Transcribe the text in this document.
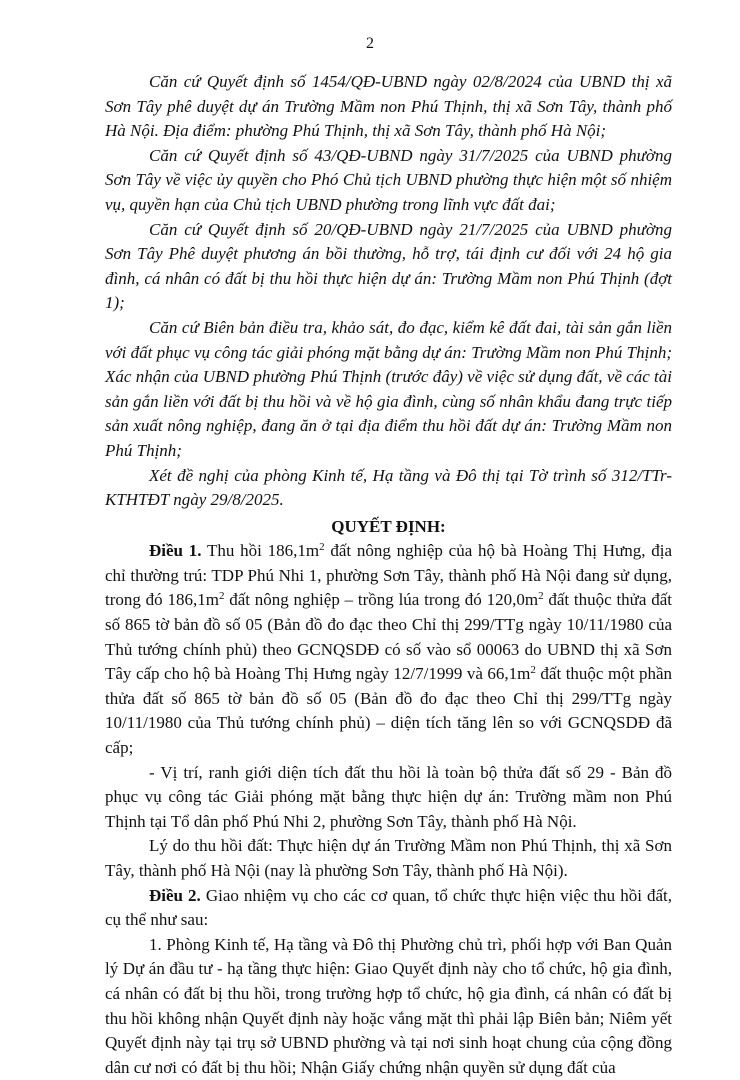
2

Căn cứ Quyết định số 1454/QĐ-UBND ngày 02/8/2024 của UBND thị xã Sơn Tây phê duyệt dự án Trường Mầm non Phú Thịnh, thị xã Sơn Tây, thành phố Hà Nội. Địa điểm: phường Phú Thịnh, thị xã Sơn Tây, thành phố Hà Nội;

Căn cứ Quyết định số 43/QĐ-UBND ngày 31/7/2025 của UBND phường Sơn Tây về việc ủy quyền cho Phó Chủ tịch UBND phường thực hiện một số nhiệm vụ, quyền hạn của Chủ tịch UBND phường trong lĩnh vực đất đai;

Căn cứ Quyết định số 20/QĐ-UBND ngày 21/7/2025 của UBND phường Sơn Tây Phê duyệt phương án bồi thường, hỗ trợ, tái định cư đối với 24 hộ gia đình, cá nhân có đất bị thu hồi thực hiện dự án: Trường Mầm non Phú Thịnh (đợt 1);

Căn cứ Biên bản điều tra, khảo sát, đo đạc, kiểm kê đất đai, tài sản gắn liền với đất phục vụ công tác giải phóng mặt bằng dự án: Trường Mầm non Phú Thịnh; Xác nhận của UBND phường Phú Thịnh (trước đây) về việc sử dụng đất, về các tài sản gắn liền với đất bị thu hồi và về hộ gia đình, cùng số nhân khẩu đang trực tiếp sản xuất nông nghiệp, đang ăn ở tại địa điểm thu hồi đất dự án: Trường Mầm non Phú Thịnh;

Xét đề nghị của phòng Kinh tế, Hạ tầng và Đô thị tại Tờ trình số 312/TTr-KTHTĐT ngày 29/8/2025.

QUYẾT ĐỊNH:

Điều 1. Thu hồi $186,1m^2$ đất nông nghiệp của hộ bà Hoàng Thị Hưng, địa chỉ thường trú: TDP Phú Nhi 1, phường Sơn Tây, thành phố Hà Nội đang sử dụng, trong đó $186,1m^2$ đất nông nghiệp – trồng lúa trong đó $120,0m^2$ đất thuộc thửa đất số 865 tờ bản đồ số 05 (Bản đồ đo đạc theo Chỉ thị 299/TTg ngày 10/11/1980 của Thủ tướng chính phủ) theo GCNQSDĐ có số vào sổ 00063 do UBND thị xã Sơn Tây cấp cho hộ bà Hoàng Thị Hưng ngày 12/7/1999 và $66,1m^2$ đất thuộc một phần thửa đất số 865 tờ bản đồ số 05 (Bản đồ đo đạc theo Chỉ thị 299/TTg ngày 10/11/1980 của Thủ tướng chính phủ) – diện tích tăng lên so với GCNQSDĐ đã cấp;

- Vị trí, ranh giới diện tích đất thu hồi là toàn bộ thửa đất số 29 - Bản đồ phục vụ công tác Giải phóng mặt bằng thực hiện dự án: Trường mầm non Phú Thịnh tại Tổ dân phố Phú Nhi 2, phường Sơn Tây, thành phố Hà Nội.

Lý do thu hồi đất: Thực hiện dự án Trường Mầm non Phú Thịnh, thị xã Sơn Tây, thành phố Hà Nội (nay là phường Sơn Tây, thành phố Hà Nội).

Điều 2. Giao nhiệm vụ cho các cơ quan, tổ chức thực hiện việc thu hồi đất, cụ thể như sau:

1. Phòng Kinh tế, Hạ tầng và Đô thị Phường chủ trì, phối hợp với Ban Quản lý Dự án đầu tư - hạ tầng thực hiện: Giao Quyết định này cho tổ chức, hộ gia đình, cá nhân có đất bị thu hồi, trong trường hợp tổ chức, hộ gia đình, cá nhân có đất bị thu hồi không nhận Quyết định này hoặc vắng mặt thì phải lập Biên bản; Niêm yết Quyết định này tại trụ sở UBND phường và tại nơi sinh hoạt chung của cộng đồng dân cư nơi có đất bị thu hồi; Nhận Giấy chứng nhận quyền sử dụng đất của
